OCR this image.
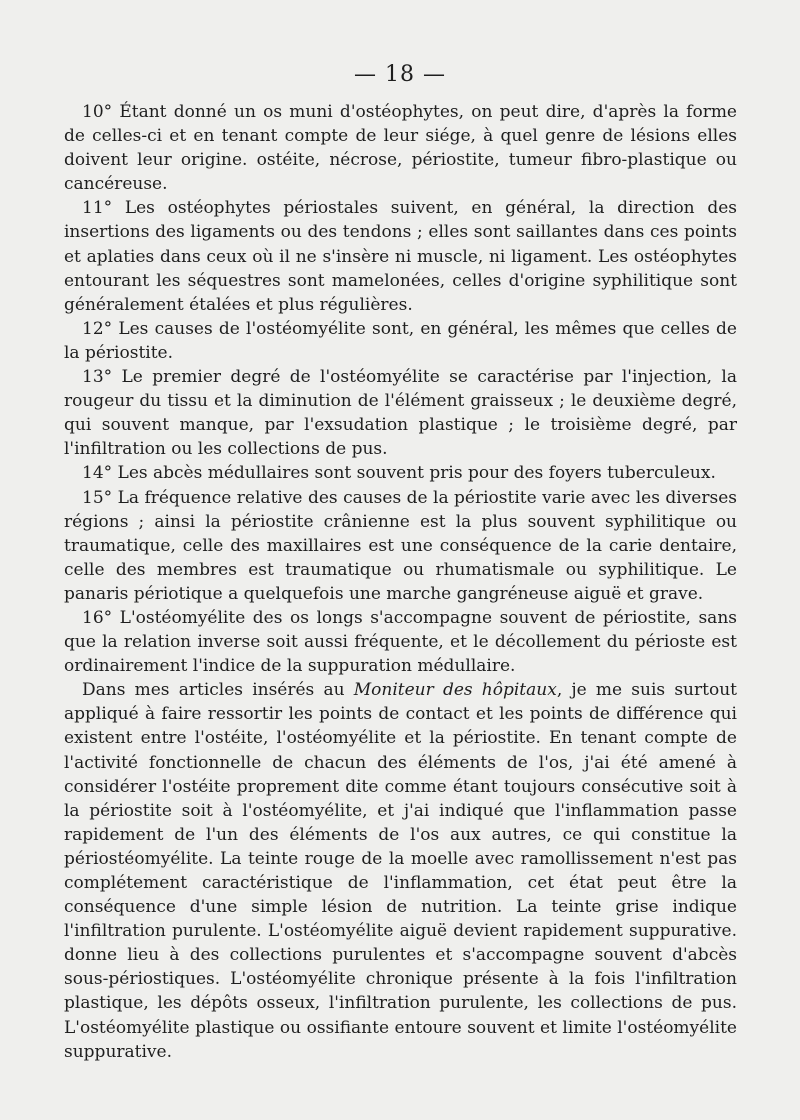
— 18 —

10° Étant donné un os muni d'ostéophytes, on peut dire, d'après la forme de celles-ci et en tenant compte de leur siége, à quel genre de lésions elles doivent leur origine. ostéite, nécrose, périostite, tumeur fibro-plastique ou cancéreuse.

11° Les ostéophytes périostales suivent, en général, la direction des insertions des ligaments ou des tendons ; elles sont saillantes dans ces points et aplaties dans ceux où il ne s'insère ni muscle, ni ligament. Les ostéophytes entourant les séquestres sont mamelonées, celles d'origine syphilitique sont généralement étalées et plus régulières.

12° Les causes de l'ostéomyélite sont, en général, les mêmes que celles de la périostite.

13° Le premier degré de l'ostéomyélite se caractérise par l'injection, la rougeur du tissu et la diminution de l'élément graisseux ; le deuxième degré, qui souvent manque, par l'exsudation plastique ; le troisième degré, par l'infiltration ou les collections de pus.

14° Les abcès médullaires sont souvent pris pour des foyers tuberculeux.

15° La fréquence relative des causes de la périostite varie avec les diverses régions ; ainsi la périostite crânienne est la plus souvent syphilitique ou traumatique, celle des maxillaires est une conséquence de la carie dentaire, celle des membres est traumatique ou rhumatismale ou syphilitique. Le panaris périotique a quelquefois une marche gangréneuse aiguë et grave.

16° L'ostéomyélite des os longs s'accompagne souvent de périostite, sans que la relation inverse soit aussi fréquente, et le décollement du périoste est ordinairement l'indice de la suppuration médullaire.

Dans mes articles insérés au Moniteur des hôpitaux, je me suis surtout appliqué à faire ressortir les points de contact et les points de différence qui existent entre l'ostéite, l'ostéomyélite et la périostite. En tenant compte de l'activité fonctionnelle de chacun des éléments de l'os, j'ai été amené à considérer l'ostéite proprement dite comme étant toujours consécutive soit à la périostite soit à l'ostéomyélite, et j'ai indiqué que l'inflammation passe rapidement de l'un des éléments de l'os aux autres, ce qui constitue la périostéomyélite. La teinte rouge de la moelle avec ramollissement n'est pas complétement caractéristique de l'inflammation, cet état peut être la conséquence d'une simple lésion de nutrition. La teinte grise indique l'infiltration purulente. L'ostéomyélite aiguë devient rapidement suppurative. donne lieu à des collections purulentes et s'accompagne souvent d'abcès sous-périostiques. L'ostéomyélite chronique présente à la fois l'infiltration plastique, les dépôts osseux, l'infiltration purulente, les collections de pus. L'ostéomyélite plastique ou ossifiante entoure souvent et limite l'ostéomyélite suppurative.
